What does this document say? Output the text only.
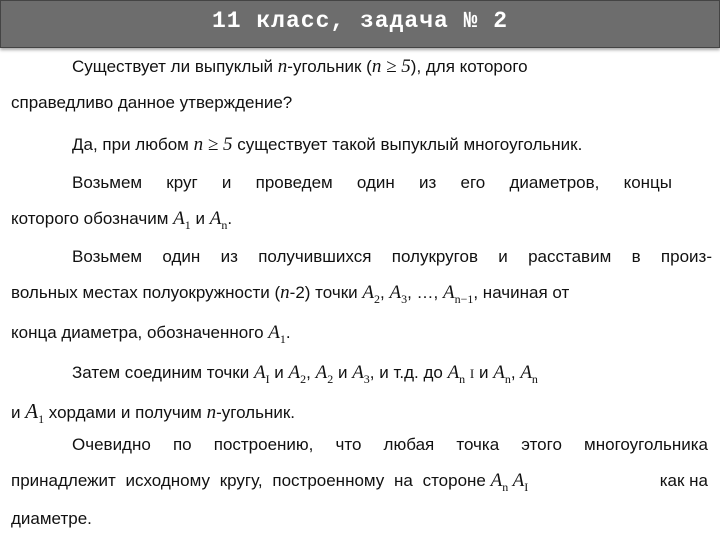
11 класс, задача № 2
Существует ли выпуклый n-угольник (n ≥ 5), для которого
справедливо данное утверждение?
Да, при любом n ≥ 5 существует такой выпуклый многоугольник.
Возьмем круг и проведем один из его диаметров, концы
которого обозначим $A_1$ и $A_n$.
Возьмем один из получившихся полукругов и расставим в произ-
вольных местах полуокружности (n-2) точки $A_2$, $A_3$, …, $A_{n-1}$, начиная от
конца диаметра, обозначенного $A_1$.
Затем соединим точки $A_I$ и $A_2$, $A_2$ и $A_3$, и т.д. до $A_n$ I и $A_n$, $A_n$
и $A_1$ хордами и получим n-угольник.
Очевидно по построению, что любая точка этого многоугольника
принадлежит исходному кругу, построенному на стороне $A_n$ $A_I$	как на
диаметре.
